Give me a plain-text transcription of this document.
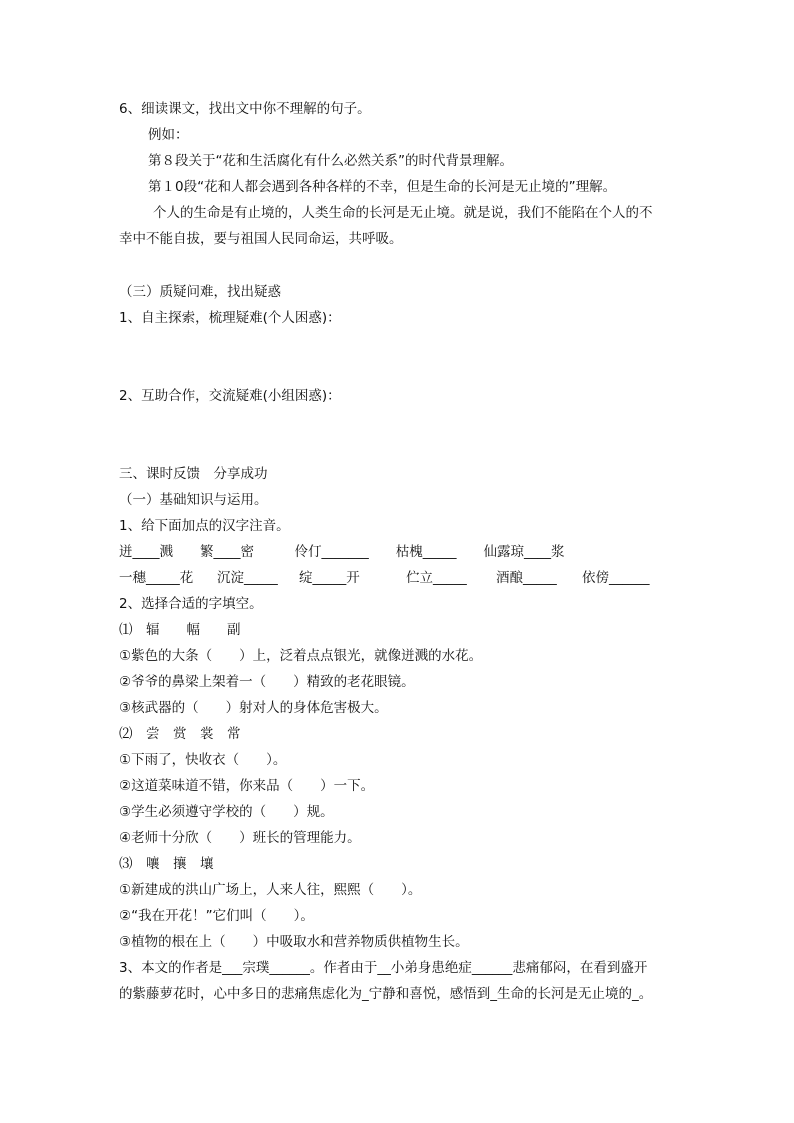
6、细读课文，找出文中你不理解的句子。
例如：
第８段关于“花和生活腐化有什么必然关系”的时代背景理解。
第１0段“花和人都会遇到各种各样的不幸，但是生命的长河是无止境的”理解。
个人的生命是有止境的，人类生命的长河是无止境。就是说，我们不能陷在个人的不
幸中不能自拔，要与祖国人民同命运，共呼吸。
（三）质疑问难，找出疑惑
1、自主探索，梳理疑难(个人困惑)：
2、互助合作，交流疑难(小组困惑)：
三、课时反馈　分享成功
（一）基础知识与运用。
1、给下面加点的汉字注音。
迸____溅　　繁____密　　　伶仃_______　　枯槐_____　　仙露琼____浆

一穗_____花

沉淀_____

绽_____开

	伫立_____

酒酿_____

依傍______

2、选择合适的字填空。
⑴　辐　　幅　　副
①紫色的大条（　　）上，泛着点点银光，就像迸溅的水花。
②爷爷的鼻梁上架着一（　　）精致的老花眼镜。
③核武器的（　　）射对人的身体危害极大。
⑵　尝　赏　裳　常
①下雨了，快收衣（　　）。
②这道菜味道不错，你来品（　　）一下。
③学生必须遵守学校的（　　）规。
④老师十分欣（　　）班长的管理能力。
⑶　嚷　攘　壤
①新建成的洪山广场上，人来人往，熙熙（　　）。
②“我在开花！”它们叫（　　）。
③植物的根在上（　　）中吸取水和营养物质供植物生长。
3、本文的作者是___宗璞______。作者由于__小弟身患绝症______悲痛郁闷，在看到盛开
的紫藤萝花时，心中多日的悲痛焦虑化为_宁静和喜悦，感悟到_生命的长河是无止境的_。
